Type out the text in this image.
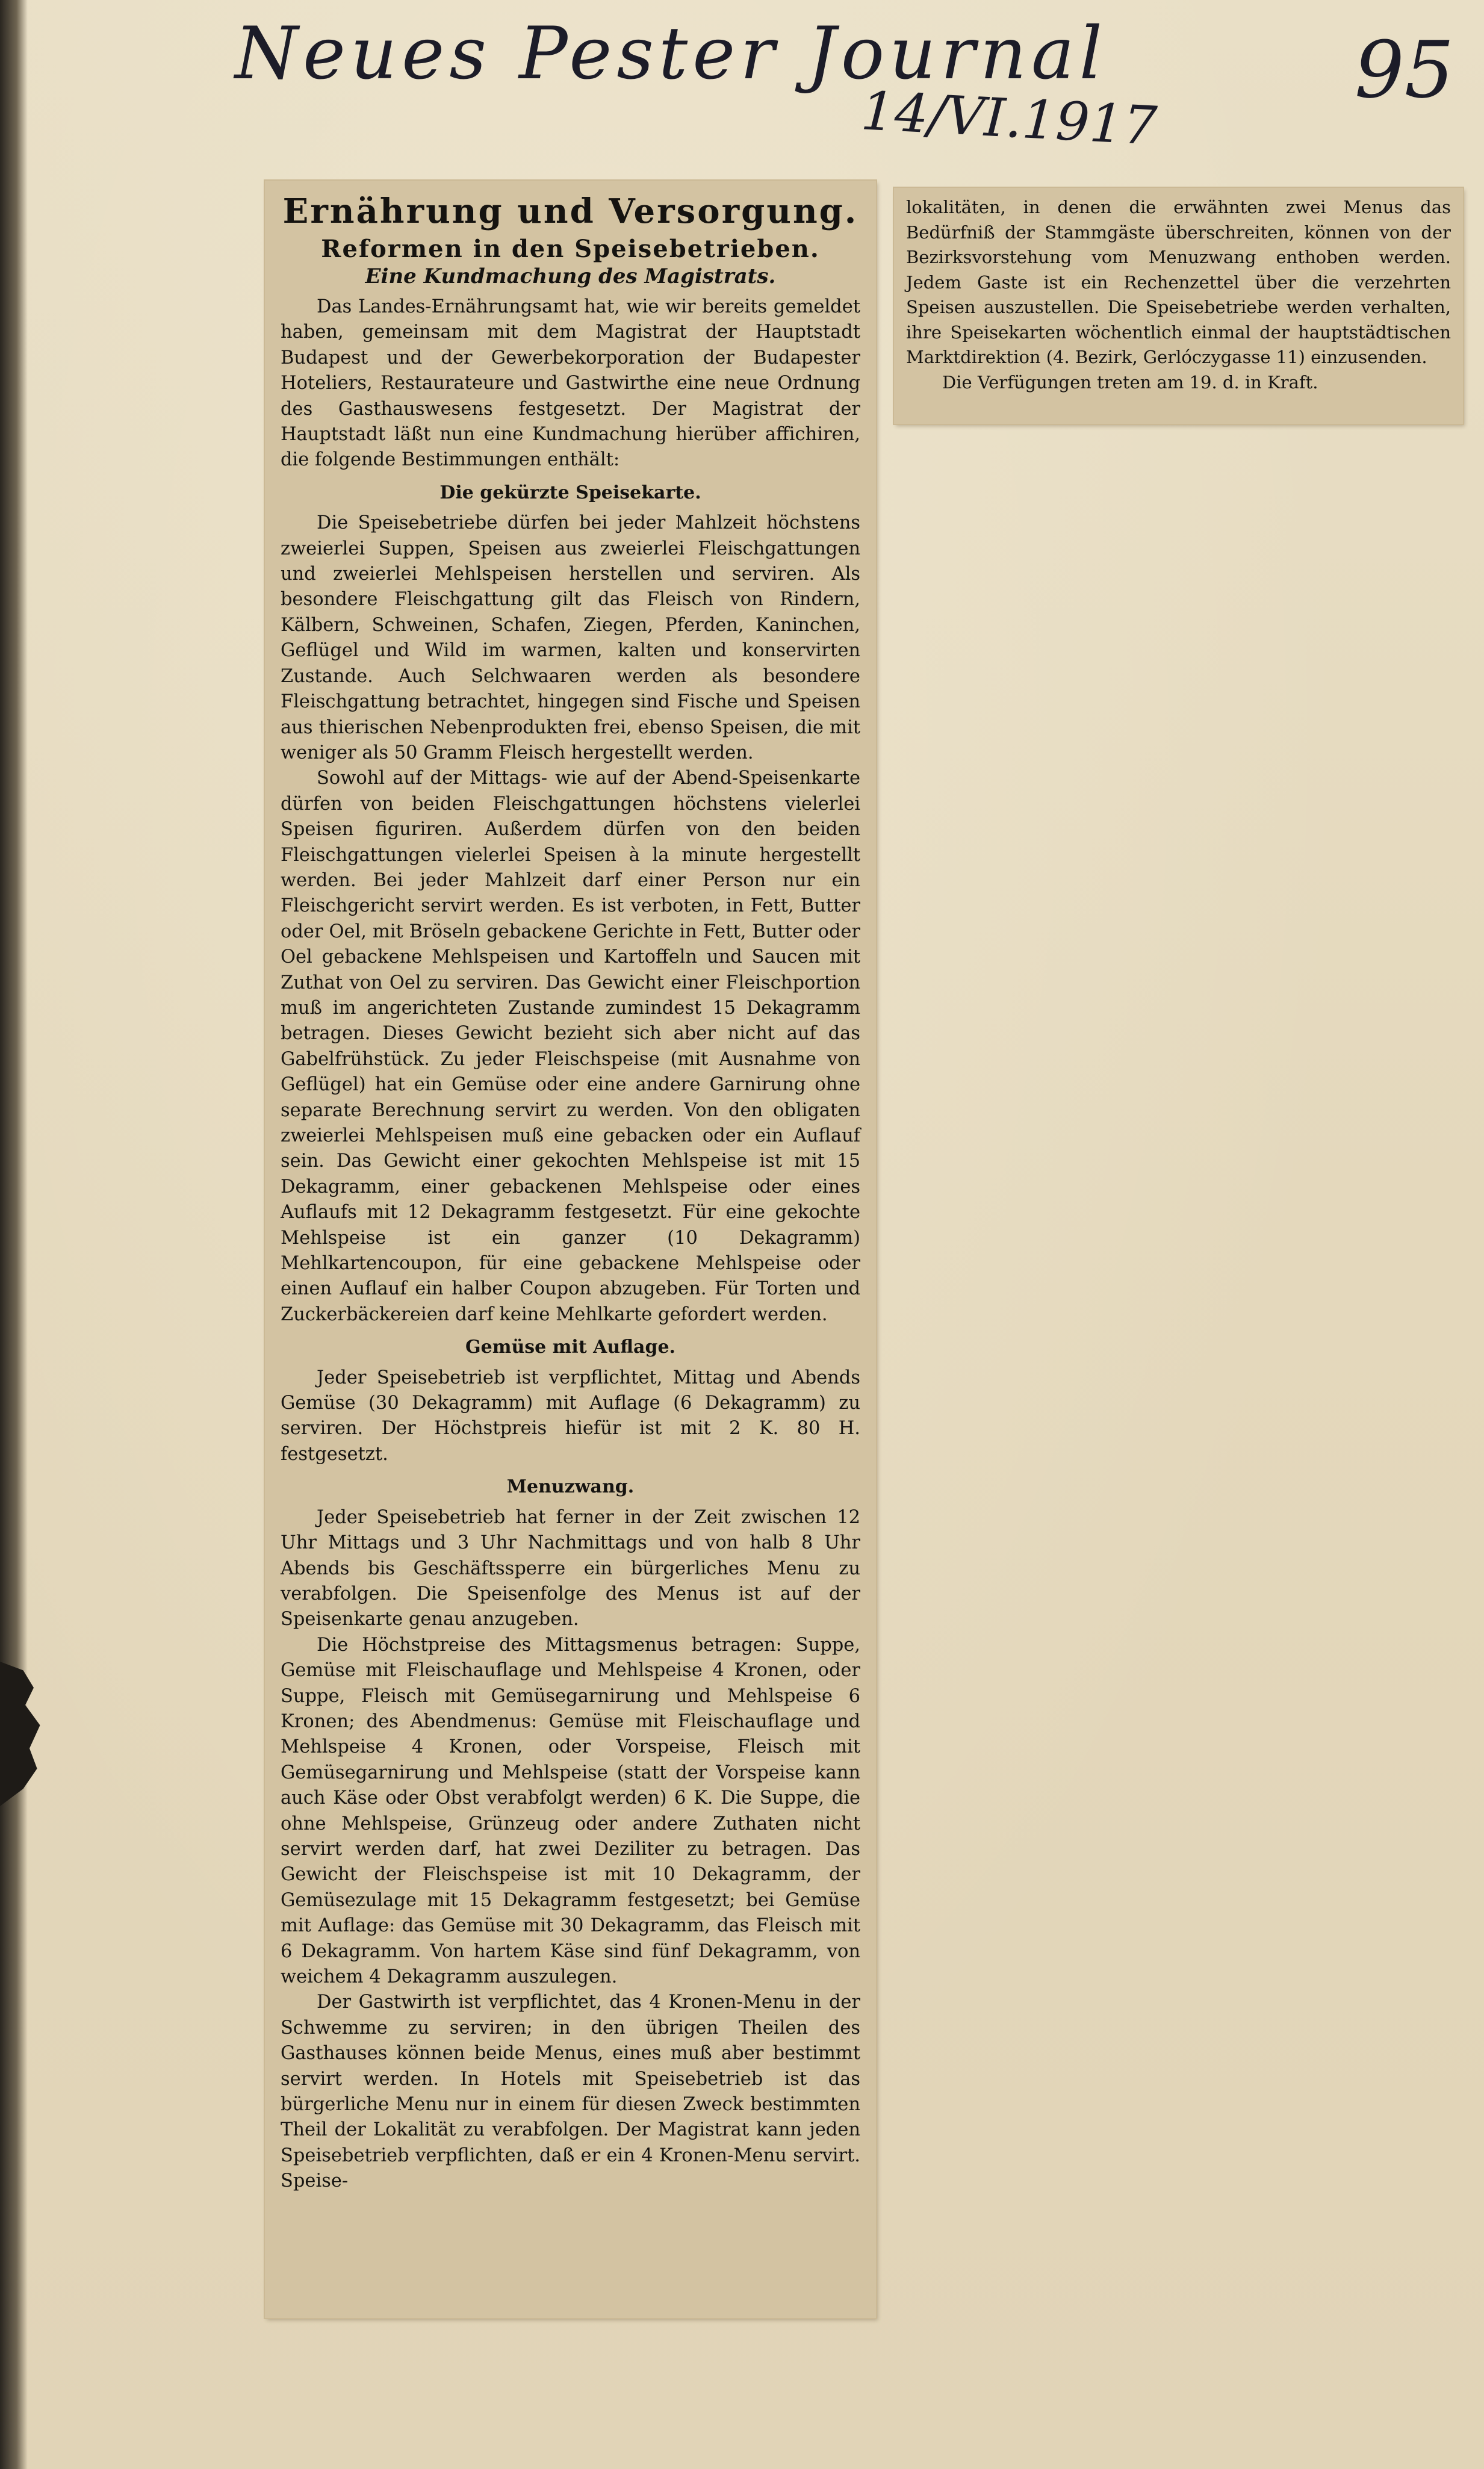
Neues Pester Journal
14/VI.1917
95
Ernährung und Versorgung.
Reformen in den Speisebetrieben.
Eine Kundmachung des Magistrats.

Das Landes-Ernährungsamt hat, wie wir bereits gemeldet haben, gemeinsam mit dem Magistrat der Hauptstadt Budapest und der Gewerbekorporation der Budapester Hoteliers, Restaurateure und Gastwirthe eine neue Ordnung des Gasthauswesens festgesetzt. Der Magistrat der Hauptstadt läßt nun eine Kundmachung hierüber affichiren, die folgende Bestimmungen enthält:

Die gekürzte Speisekarte.

Die Speisebetriebe dürfen bei jeder Mahlzeit höchstens zweierlei Suppen, Speisen aus zweierlei Fleischgattungen und zweierlei Mehlspeisen herstellen und serviren. Als besondere Fleischgattung gilt das Fleisch von Rindern, Kälbern, Schweinen, Schafen, Ziegen, Pferden, Kaninchen, Geflügel und Wild im warmen, kalten und konservirten Zustande. Auch Selchwaaren werden als besondere Fleischgattung betrachtet, hingegen sind Fische und Speisen aus thierischen Nebenprodukten frei, ebenso Speisen, die mit weniger als 50 Gramm Fleisch hergestellt werden.

Sowohl auf der Mittags- wie auf der Abend-Speisenkarte dürfen von beiden Fleischgattungen höchstens vielerlei Speisen figuriren. Außerdem dürfen von den beiden Fleischgattungen vielerlei Speisen à la minute hergestellt werden. Bei jeder Mahlzeit darf einer Person nur ein Fleischgericht servirt werden. Es ist verboten, in Fett, Butter oder Oel, mit Bröseln gebackene Gerichte in Fett, Butter oder Oel gebackene Mehlspeisen und Kartoffeln und Saucen mit Zuthat von Oel zu serviren. Das Gewicht einer Fleischportion muß im angerichteten Zustande zumindest 15 Dekagramm betragen. Dieses Gewicht bezieht sich aber nicht auf das Gabelfrühstück. Zu jeder Fleischspeise (mit Ausnahme von Geflügel) hat ein Gemüse oder eine andere Garnirung ohne separate Berechnung servirt zu werden. Von den obligaten zweierlei Mehlspeisen muß eine gebacken oder ein Auflauf sein. Das Gewicht einer gekochten Mehlspeise ist mit 15 Dekagramm, einer gebackenen Mehlspeise oder eines Auflaufs mit 12 Dekagramm festgesetzt. Für eine gekochte Mehlspeise ist ein ganzer (10 Dekagramm) Mehlkartencoupon, für eine gebackene Mehlspeise oder einen Auflauf ein halber Coupon abzugeben. Für Torten und Zuckerbäckereien darf keine Mehlkarte gefordert werden.

Gemüse mit Auflage.

Jeder Speisebetrieb ist verpflichtet, Mittag und Abends Gemüse (30 Dekagramm) mit Auflage (6 Dekagramm) zu serviren. Der Höchstpreis hiefür ist mit 2 K. 80 H. festgesetzt.

Menuzwang.

Jeder Speisebetrieb hat ferner in der Zeit zwischen 12 Uhr Mittags und 3 Uhr Nachmittags und von halb 8 Uhr Abends bis Geschäftssperre ein bürgerliches Menu zu verabfolgen. Die Speisenfolge des Menus ist auf der Speisenkarte genau anzugeben.

Die Höchstpreise des Mittagsmenus betragen: Suppe, Gemüse mit Fleischauflage und Mehlspeise 4 Kronen, oder Suppe, Fleisch mit Gemüsegarnirung und Mehlspeise 6 Kronen; des Abendmenus: Gemüse mit Fleischauflage und Mehlspeise 4 Kronen, oder Vorspeise, Fleisch mit Gemüsegarnirung und Mehlspeise (statt der Vorspeise kann auch Käse oder Obst verabfolgt werden) 6 K. Die Suppe, die ohne Mehlspeise, Grünzeug oder andere Zuthaten nicht servirt werden darf, hat zwei Deziliter zu betragen. Das Gewicht der Fleischspeise ist mit 10 Dekagramm, der Gemüsezulage mit 15 Dekagramm festgesetzt; bei Gemüse mit Auflage: das Gemüse mit 30 Dekagramm, das Fleisch mit 6 Dekagramm. Von hartem Käse sind fünf Dekagramm, von weichem 4 Dekagramm auszulegen.

Der Gastwirth ist verpflichtet, das 4 Kronen-Menu in der Schwemme zu serviren; in den übrigen Theilen des Gasthauses können beide Menus, eines muß aber bestimmt servirt werden. In Hotels mit Speisebetrieb ist das bürgerliche Menu nur in einem für diesen Zweck bestimmten Theil der Lokalität zu verabfolgen. Der Magistrat kann jeden Speisebetrieb verpflichten, daß er ein 4 Kronen-Menu servirt. Speise-

lokalitäten, in denen die erwähnten zwei Menus das Bedürfniß der Stammgäste überschreiten, können von der Bezirksvorstehung vom Menuzwang enthoben werden. Jedem Gaste ist ein Rechenzettel über die verzehrten Speisen auszustellen. Die Speisebetriebe werden verhalten, ihre Speisekarten wöchentlich einmal der hauptstädtischen Marktdirektion (4. Bezirk, Gerlóczygasse 11) einzusenden.

Die Verfügungen treten am 19. d. in Kraft.
